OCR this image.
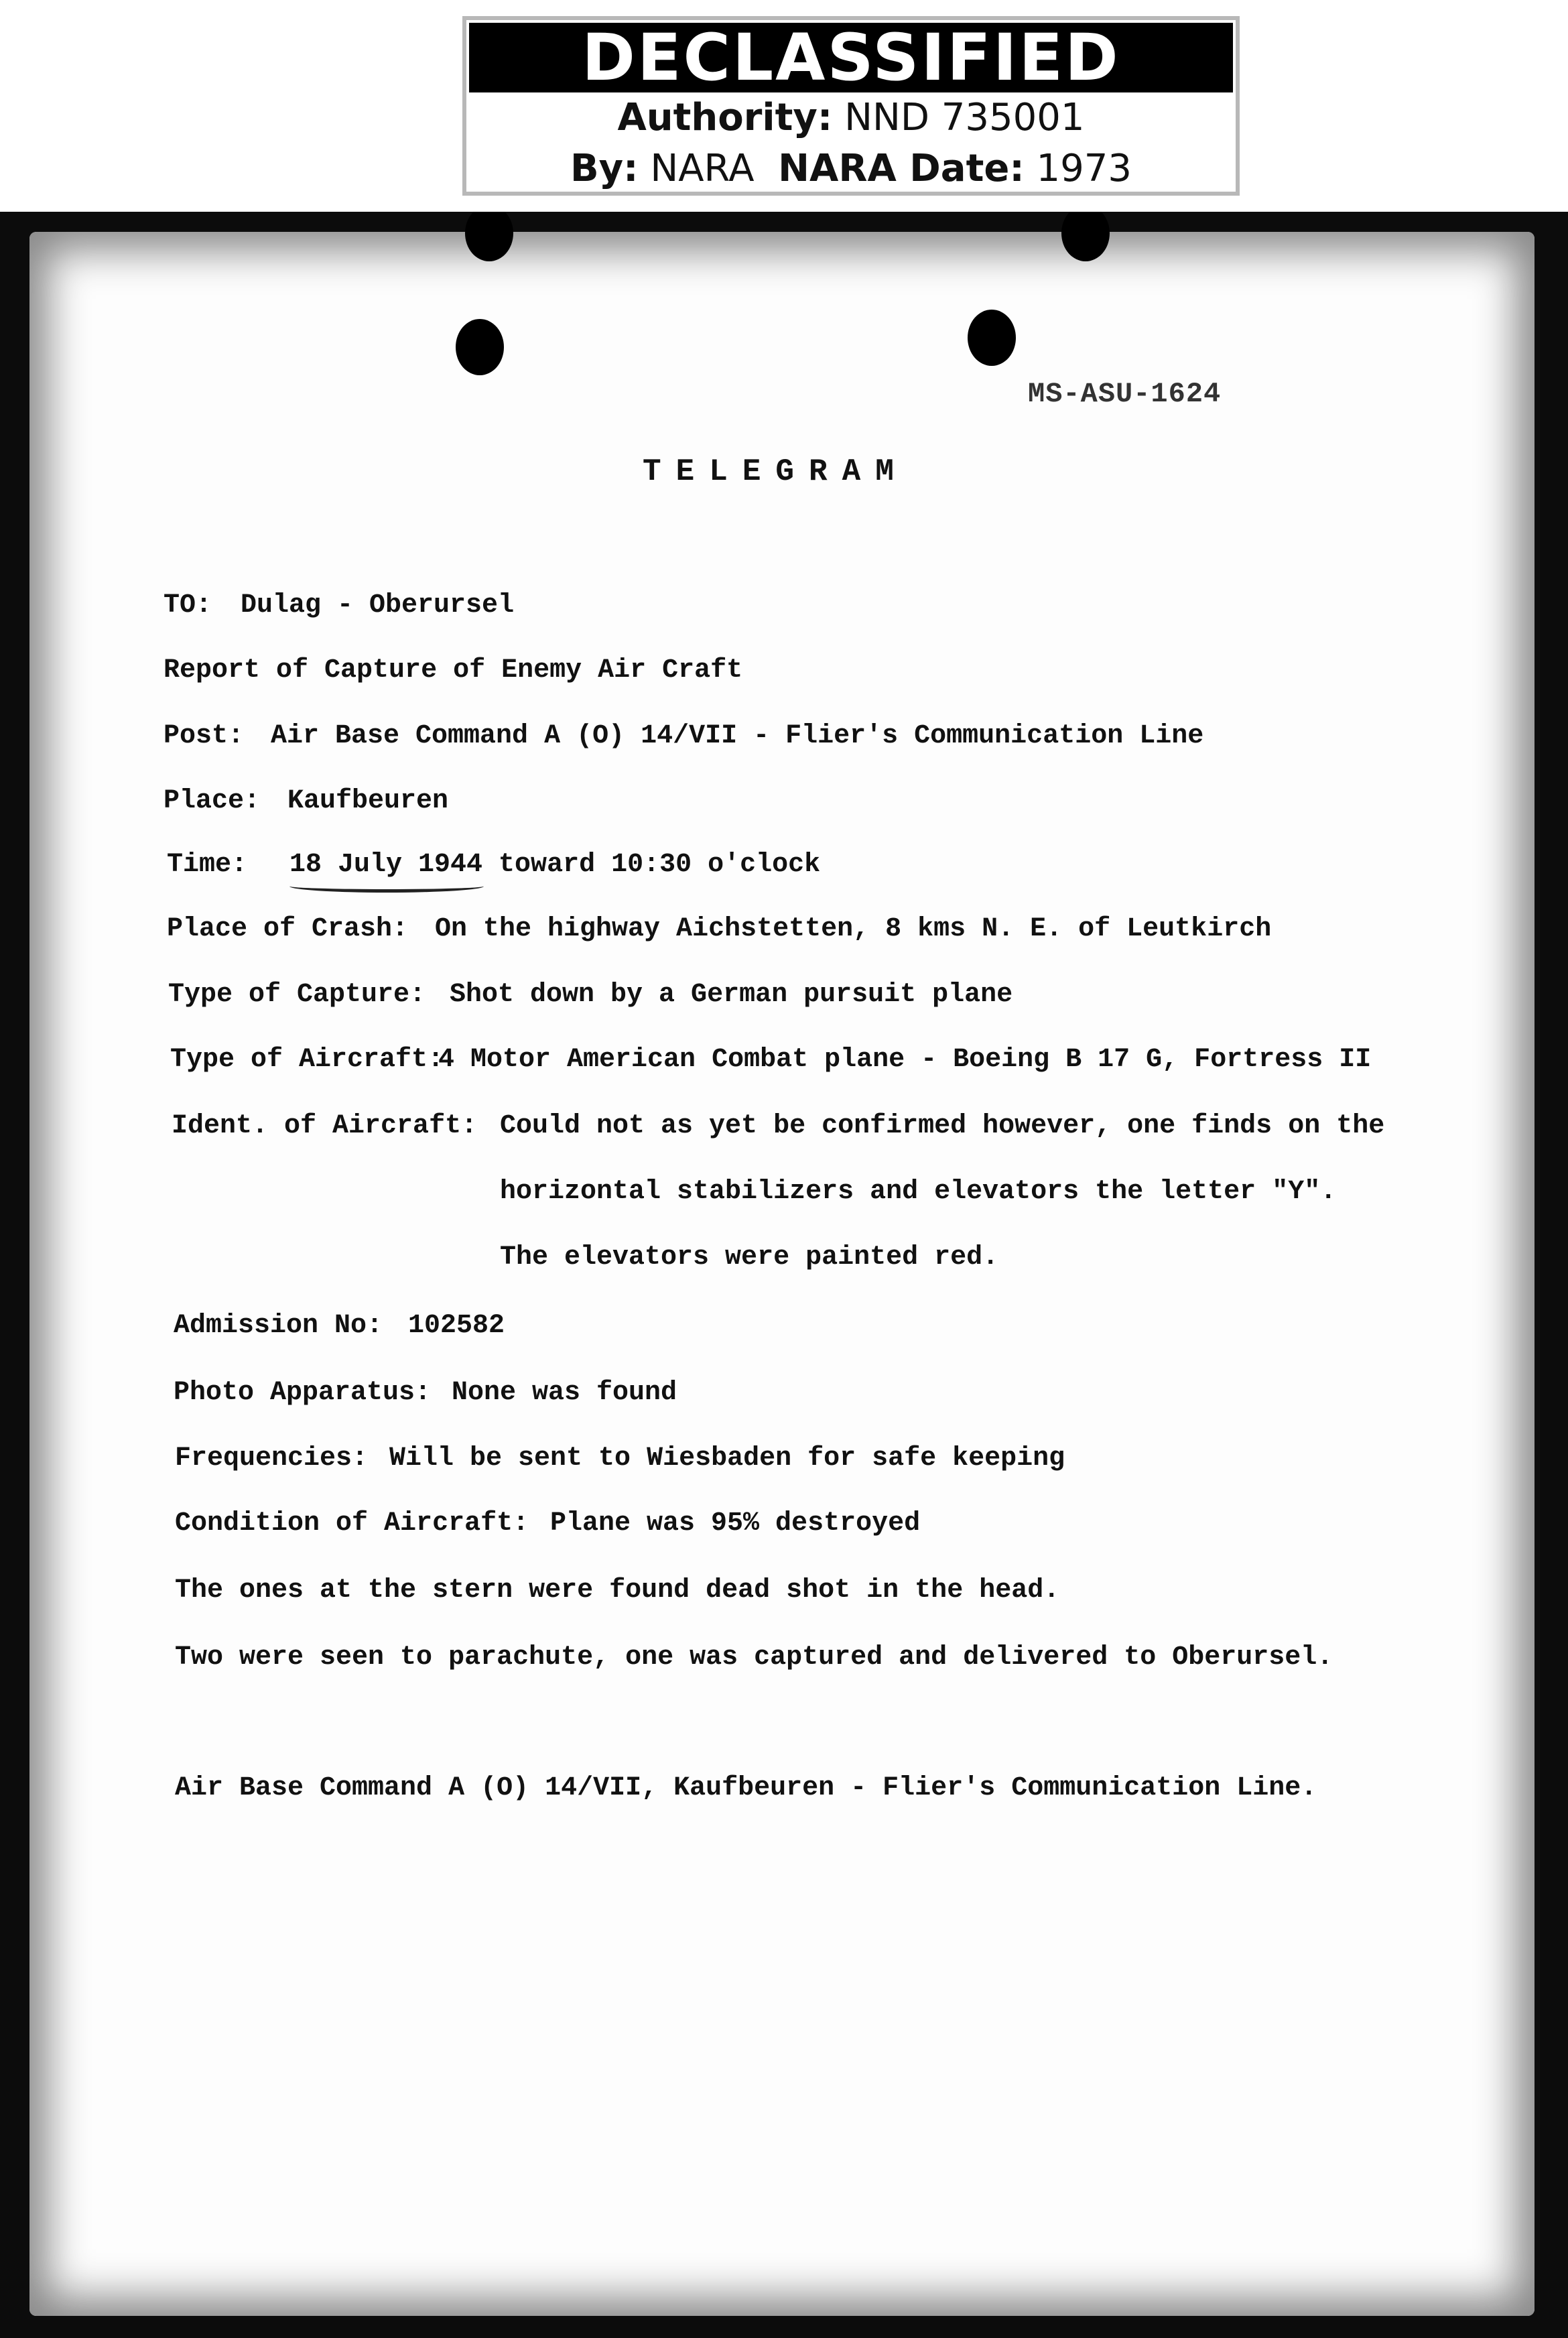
DECLASSIFIED
Authority: NND 735001
By: NARA NARA Date: 1973
MS-ASU-1624
TELEGRAM
TO: Dulag - Oberursel
Report of Capture of Enemy Air Craft
Post: Air Base Command A (O) 14/VII - Flier's Communication Line
Place: Kaufbeuren
Time: 18 July 1944 toward 10:30 o'clock
Place of Crash: On the highway Aichstetten, 8 kms N. E. of Leutkirch
Type of Capture: Shot down by a German pursuit plane
Type of Aircraft:
4 Motor American Combat plane - Boeing B 17 G, Fortress II
Ident. of Aircraft: Could not as yet be confirmed however, one finds on the
horizontal stabilizers and elevators the letter "Y".
The elevators were painted red.
Admission No: 102582
Photo Apparatus: None was found
Frequencies: Will be sent to Wiesbaden for safe keeping
Condition of Aircraft: Plane was 95% destroyed
The ones at the stern were found dead shot in the head.
Two were seen to parachute, one was captured and delivered to Oberursel.
Air Base Command A (O) 14/VII, Kaufbeuren - Flier's Communication Line.
